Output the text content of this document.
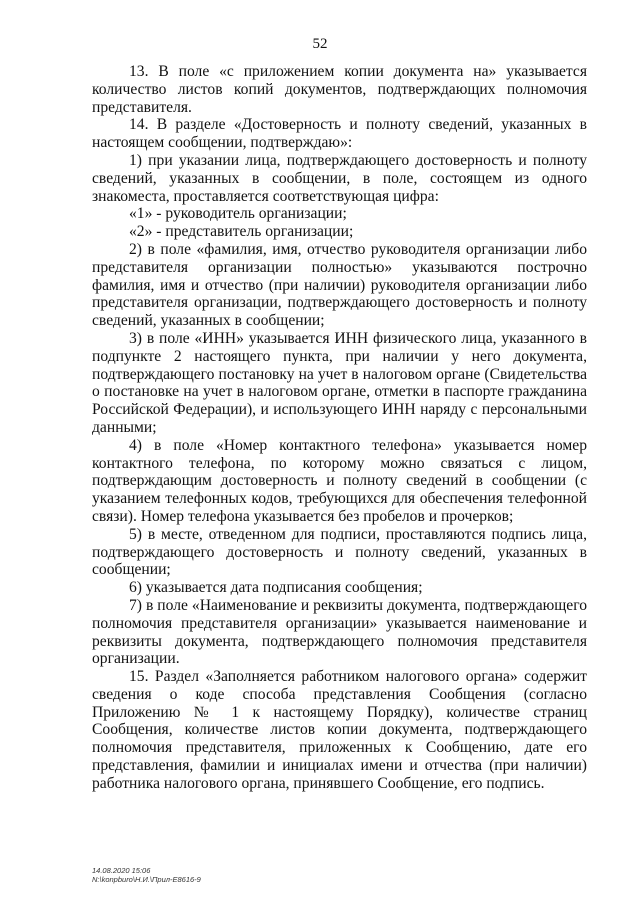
52

13. В поле «с приложением копии документа на» указывается количество листов копий документов, подтверждающих полномочия представителя.

14. В разделе «Достоверность и полноту сведений, указанных в настоящем сообщении, подтверждаю»:

1) при указании лица, подтверждающего достоверность и полноту сведений, указанных в сообщении, в поле, состоящем из одного знакоместа, проставляется соответствующая цифра:

«1» - руководитель организации;

«2» - представитель организации;

2) в поле «фамилия, имя, отчество руководителя организации либо представителя организации полностью» указываются построчно фамилия, имя и отчество (при наличии) руководителя организации либо представителя организации, подтверждающего достоверность и полноту сведений, указанных в сообщении;

3) в поле «ИНН» указывается ИНН физического лица, указанного в подпункте 2 настоящего пункта, при наличии у него документа, подтверждающего постановку на учет в налоговом органе (Свидетельства о постановке на учет в налоговом органе, отметки в паспорте гражданина Российской Федерации), и использующего ИНН наряду с персональными данными;

4) в поле «Номер контактного телефона» указывается номер контактного телефона, по которому можно связаться с лицом, подтверждающим достоверность и полноту сведений в сообщении (с указанием телефонных кодов, требующихся для обеспечения телефонной связи). Номер телефона указывается без пробелов и прочерков;

5) в месте, отведенном для подписи, проставляются подпись лица, подтверждающего достоверность и полноту сведений, указанных в сообщении;

6) указывается дата подписания сообщения;

7) в поле «Наименование и реквизиты документа, подтверждающего полномочия представителя организации» указывается наименование и реквизиты документа, подтверждающего полномочия представителя организации.

15. Раздел «Заполняется работником налогового органа» содержит сведения о коде способа представления Сообщения (согласно Приложению № 1 к настоящему Порядку), количестве страниц Сообщения, количестве листов копии документа, подтверждающего полномочия представителя, приложенных к Сообщению, дате его представления, фамилии и инициалах имени и отчества (при наличии) работника налогового органа, принявшего Сообщение, его подпись.

14.08.2020 15:06
N:\konpburo\Н.И.\Прил-Е8616-9
